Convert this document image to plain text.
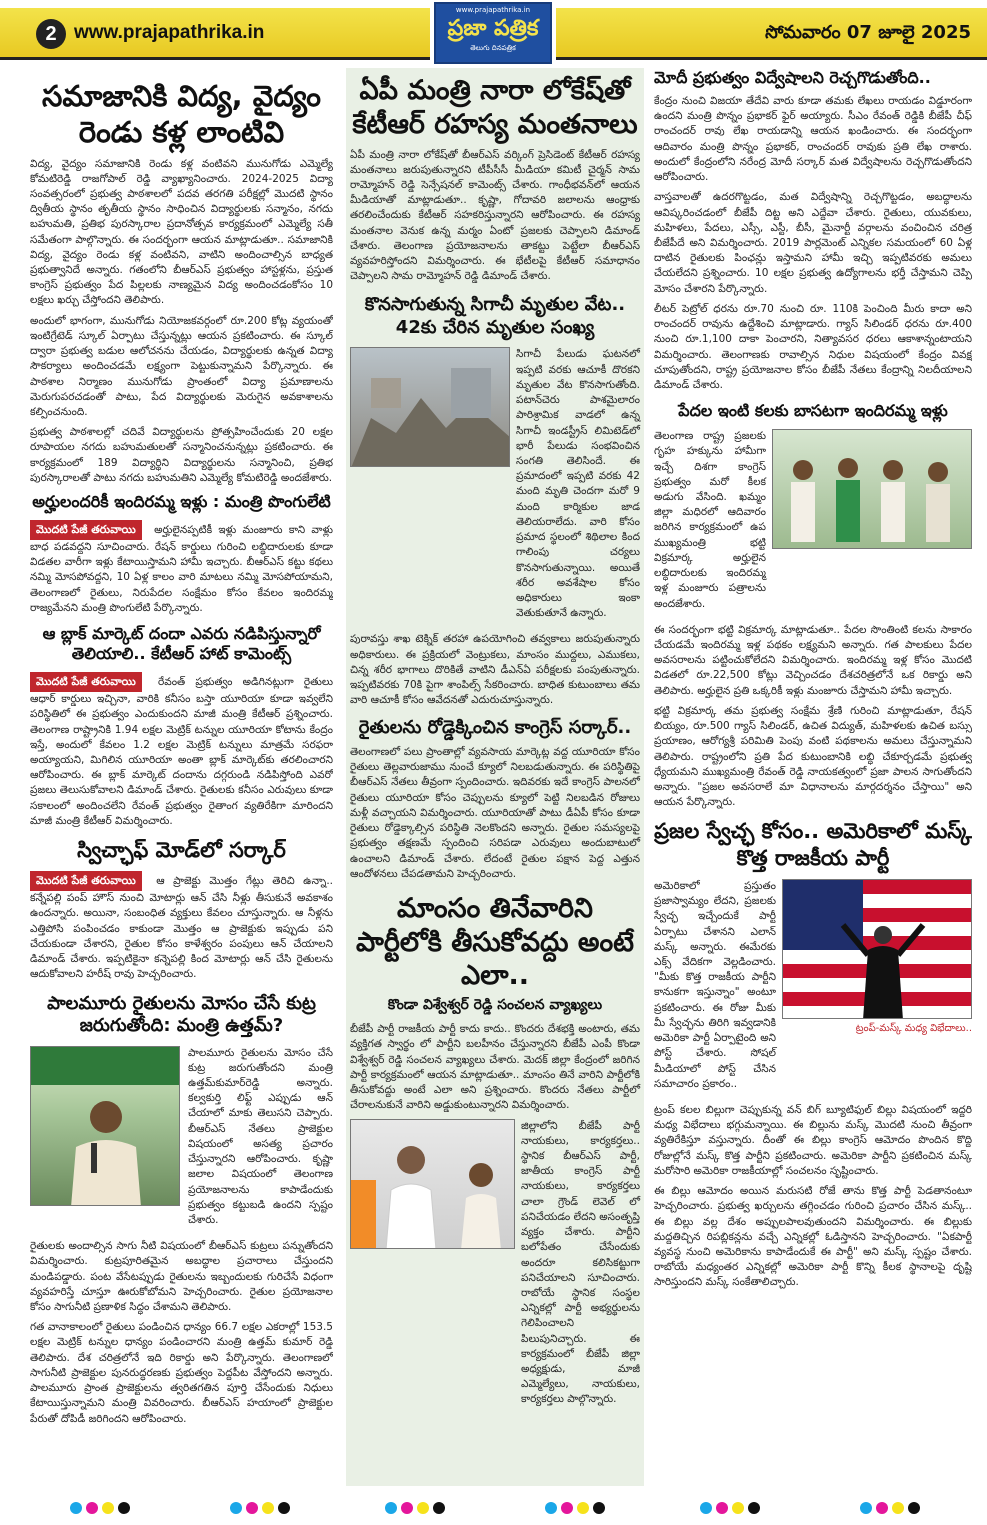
2 www.prajapathrika.in
www.prajapathrika.in
ప్రజా పత్రిక
తెలుగు దినపత్రిక
సోమవారం 07 జూలై 2025
సమాజానికి విద్య, వైద్యం రెండు కళ్ల లాంటివి

విద్య, వైద్యం సమాజానికి రెండు కళ్ల వంటివని మునుగోడు ఎమ్మెల్యే కోమటిరెడ్డి రాజగోపాల్ రెడ్డి వ్యాఖ్యానించారు. 2024-2025 విద్యా సంవత్సరంలో ప్రభుత్వ పాఠశాలలో పదవ తరగతి పరీక్షల్లో మొదటి స్థానం ద్వితీయ స్థానం తృతీయ స్థానం సాధించిన విద్యార్థులకు సన్మానం, నగదు బహుమతి, ప్రతిభ పురస్కారాల ప్రదానోత్సవ కార్యక్రమంలో ఎమ్మెల్యే సతీ సమేతంగా పాల్గొన్నారు. ఈ సందర్భంగా ఆయన మాట్లాడుతూ.. సమాజానికి విద్య, వైద్యం రెండు కళ్ల వంటివని, వాటిని అందించాల్సిన బాధ్యత ప్రభుత్వానిదే అన్నారు. గతంలోని బీఆర్ఎస్ ప్రభుత్వం హాస్టళ్లను, ప్రస్తుత కాంగ్రెస్ ప్రభుత్వం పేద పిల్లలకు నాణ్యమైన విద్య అందించడంకోసం 10 లక్షలు ఖర్చు చేస్తోందని తెలిపారు.

అందులో భాగంగా, మునుగోడు నియోజకవర్గంలో రూ.200 కోట్ల వ్యయంతో ఇంటిగ్రేటెడ్ స్కూల్ ఏర్పాటు చేస్తున్నట్లు ఆయన ప్రకటించారు. ఈ స్కూల్ ద్వారా ప్రభుత్వ బడుల ఆలోచనను చేయడం, విద్యార్థులకు ఉన్నత విద్యా సౌకర్యాలు అందించడమే లక్ష్యంగా పెట్టుకున్నామని పేర్కొన్నారు. ఈ పాఠశాల నిర్మాణం మునుగోడు ప్రాంతంలో విద్యా ప్రమాణాలను మెరుగుపరచడంతో పాటు, పేద విద్యార్థులకు మెరుగైన అవకాశాలను కల్పించనుంది.

ప్రభుత్వ పాఠశాలల్లో చదివే విద్యార్థులను ప్రోత్సహించేందుకు 20 లక్షల రూపాయల నగదు బహుమతులతో సన్మానించనున్నట్లు ప్రకటించారు. ఈ కార్యక్రమంలో 189 విద్యార్థిని విద్యార్థులను సన్మానించి, ప్రతిభ పురస్కారాలతో పాటు నగదు బహుమతిని ఎమ్మెల్యే కోమటిరెడ్డి అందజేశారు.

అర్హులందరికీ ఇందిరమ్మ ఇళ్లు : మంత్రి పొంగులేటి
మొదటి పేజీ తరువాయి అర్హులైనప్పటికీ ఇళ్లు మంజూరు కాని వాళ్లు బాధ పడవద్దని సూచించారు. రేషన్ కార్డులు గురించి లబ్ధిదారులకు కూడా విడతల వారీగా ఇళ్లు కేటాయిస్తామని హామీ ఇచ్చారు. బీఆర్ఎస్ కట్టు కథలు నమ్మి మోసపోవద్దని, 10 ఏళ్ల కాలం వారి మాటలు నమ్మి మోసపోయామని, తెలంగాణలో రైతులు, నిరుపేదల సంక్షేమం కోసం కేవలం ఇందిరమ్మ రాజ్యమేనని మంత్రి పొంగులేటి పేర్కొన్నారు.
ఆ బ్లాక్ మార్కెట్ దందా ఎవరు నడిపిస్తున్నారో తెలియాలి.. కేటీఆర్ హాట్ కామెంట్స్
మొదటి పేజీ తరువాయి రేవంత్ ప్రభుత్వం అడిగినట్లుగా రైతులు ఆధార్ కార్డులు ఇచ్చినా, వారికి కనీసం బస్తా యూరియా కూడా ఇవ్వలేని పరిస్థితిలో ఈ ప్రభుత్వం ఎందుకుందని మాజీ మంత్రి కేటీఆర్ ప్రశ్నించారు. తెలంగాణ రాష్ట్రానికి 1.94 లక్షల మెట్రిక్ టన్నుల యూరియా కోటాను కేంద్రం ఇస్తే, అందులో కేవలం 1.2 లక్షల మెట్రిక్ టన్నులు మాత్రమే సరఫరా అయ్యాయని, మిగిలిన యూరియా అంతా బ్లాక్ మార్కెట్‌కు తరలించారని ఆరోపించారు. ఈ బ్లాక్ మార్కెట్ దందాను దగ్గరుండి నడిపిస్తోంది ఎవరో ప్రజలు తెలుసుకోవాలని డిమాండ్ చేశారు. రైతులకు కనీసం ఎరువులు కూడా సకాలంలో అందించలేని రేవంత్ ప్రభుత్వం రైతాంగ వ్యతిరేకిగా మారిందని మాజీ మంత్రి కేటీఆర్ విమర్శించారు.
స్విచ్ఛాఫ్ మోడ్‌లో సర్కార్
మొదటి పేజీ తరువాయి ఆ ప్రాజెక్టు మొత్తం గేట్లు తెరిచి ఉన్నా.. కన్నేపల్లి పంప్ హౌస్ నుంచి మోటార్లు ఆన్ చేసి నీళ్లు తీసుకునే అవకాశం ఉందన్నారు. అయినా, సంబంధిత వ్యక్తులు కేవలం చూస్తున్నారు. ఆ నీళ్లను ఎత్తిపోసి పంపించడం కాకుండా మొత్తం ఆ ప్రాజెక్టుకు ఇప్పుడు పని చేయకుండా చేశారని, రైతుల కోసం కాళేశ్వరం పంపులు ఆన్ చేయాలని డిమాండ్ చేశారు. ఇప్పటికైనా కన్నెపల్లి కింద మోటార్లు ఆన్ చేసి రైతులను ఆదుకోవాలని హరీష్ రావు హెచ్చరించారు.
పాలమూరు రైతులను మోసం చేసే కుట్ర జరుగుతోంది: మంత్రి ఉత్తమ్?

పాలమూరు రైతులను మోసం చేసే కుట్ర జరుగుతోందని మంత్రి ఉత్తమ్‌కుమార్‌రెడ్డి అన్నారు. కల్వకుర్తి లిఫ్ట్ ఎప్పుడు ఆన్ చేయాలో మాకు తెలుసని చెప్పారు. బీఆర్ఎస్ నేతలు ప్రాజెక్టుల విషయంలో అసత్య ప్రచారం చేస్తున్నారని ఆరోపించారు. కృష్ణా జలాల విషయంలో తెలంగాణ ప్రయోజనాలను కాపాడేందుకు ప్రభుత్వం కట్టుబడి ఉందని స్పష్టం చేశారు.

రైతులకు అందాల్సిన సాగు నీటి విషయంలో బీఆర్ఎస్ కుట్రలు పన్నుతోందని విమర్శించారు. కుట్రపూరితమైన అబద్ధాల ప్రచారాలు చేస్తుందని మండిపడ్డారు. పంట వేసేటప్పుడు రైతులను ఇబ్బందులకు గురిచేసే విధంగా వ్యవహరిస్తే చూస్తూ ఊరుకోబోమని హెచ్చరించారు. రైతుల ప్రయోజనాల కోసం సాగునీటి ప్రణాళిక సిద్ధం చేశామని తెలిపారు.

గత వానాకాలంలో రైతులు పండించిన ధాన్యం 66.7 లక్షల ఎకరాల్లో 153.5 లక్షల మెట్రిక్ టన్నుల ధాన్యం పండించారని మంత్రి ఉత్తమ్ కుమార్ రెడ్డి తెలిపారు. దేశ చరిత్రలోనే ఇది రికార్డు అని పేర్కొన్నారు. తెలంగాణలో సాగునీటి ప్రాజెక్టుల పునరుద్ధరణకు ప్రభుత్వం పెద్దపీట వేస్తోందని అన్నారు. పాలమూరు ప్రాంత ప్రాజెక్టులను త్వరితగతిన పూర్తి చేసేందుకు నిధులు కేటాయిస్తున్నామని మంత్రి వివరించారు. బీఆర్ఎస్ హయాంలో ప్రాజెక్టుల పేరుతో దోపిడీ జరిగిందని ఆరోపించారు.

ఏపీ మంత్రి నారా లోకేష్‌తో కేటీఆర్ రహస్య మంతనాలు

ఏపీ మంత్రి నారా లోకేష్‌తో బీఆర్ఎస్ వర్కింగ్ ప్రెసిడెంట్ కేటీఆర్ రహస్య మంతనాలు జరుపుతున్నారని టీపీసీసీ మీడియా కమిటీ చైర్మన్ సామ రామ్మోహన్ రెడ్డి సెన్సేషనల్ కామెంట్స్ చేశారు. గాంధీభవన్‌లో ఆయన మీడియాతో మాట్లాడుతూ.. కృష్ణా, గోదావరి జలాలను ఆంధ్రాకు తరలించేందుకు కేటీఆర్ సహకరిస్తున్నారని ఆరోపించారు. ఈ రహస్య మంతనాల వెనుక ఉన్న మర్మం ఏంటో ప్రజలకు చెప్పాలని డిమాండ్ చేశారు. తెలంగాణ ప్రయోజనాలను తాకట్టు పెట్టేలా బీఆర్ఎస్ వ్యవహరిస్తోందని విమర్శించారు. ఈ భేటీలపై కేటీఆర్ సమాధానం చెప్పాలని సామ రామ్మోహన్ రెడ్డి డిమాండ్ చేశారు.

కొనసాగుతున్న సిగాచీ మృతుల వేట.. 42కు చేరిన మృతుల సంఖ్య

సిగాచీ పేలుడు ఘటనలో ఇప్పటి వరకు ఆచూకీ దొరకని మృతుల వేట కొనసాగుతోంది. పటాన్‌చెరు పాశమైలారం పారిశ్రామిక వాడలో ఉన్న సిగాచీ ఇండస్ట్రీస్ లిమిటెడ్‌లో భారీ పేలుడు సంభవించిన సంగతి తెలిసిందే. ఈ ప్రమాదంలో ఇప్పటి వరకు 42 మంది మృతి చెందగా మరో 9 మంది కార్మికుల జాడ తెలియరాలేదు. వారి కోసం ప్రమాద స్థలంలో శిథిలాల కింద గాలింపు చర్యలు కొనసాగుతున్నాయి. అయితే శరీర అవశేషాల కోసం అధికారులు ఇంకా వెతుకుతూనే ఉన్నారు.

పురావస్తు శాఖ టెక్నిక్ తరహా ఉపయోగించి తవ్వకాలు జరుపుతున్నారు అధికారులు. ఈ ప్రక్రియలో వెంట్రుకలు, మాంసం ముద్దలు, ఎముకలు, చిన్న శరీర భాగాలు దొరికితే వాటిని డీఎన్ఏ పరీక్షలకు పంపుతున్నారు. ఇప్పటివరకు 70కి పైగా శాంపిల్స్ సేకరించారు. బాధిత కుటుంబాలు తమ వారి ఆచూకీ కోసం ఆవేదనతో ఎదురుచూస్తున్నారు.

రైతులను రోడ్డెక్కించిన కాంగ్రెస్ సర్కార్..

తెలంగాణలో పలు ప్రాంతాల్లో వ్యవసాయ మార్కెట్ల వద్ద యూరియా కోసం రైతులు తెల్లవారుజాము నుంచే క్యూలో నిలబడుతున్నారు. ఈ పరిస్థితిపై బీఆర్ఎస్ నేతలు తీవ్రంగా స్పందించారు. ఇదివరకు ఇదే కాంగ్రెస్ పాలనలో రైతులు యూరియా కోసం చెప్పులను క్యూలో పెట్టి నిలబడిన రోజులు మళ్లీ వచ్చాయని విమర్శించారు. యూరియాతో పాటు డీఏపీ కోసం కూడా రైతులు రోడ్డెక్కాల్సిన పరిస్థితి నెలకొందని అన్నారు. రైతుల సమస్యలపై ప్రభుత్వం తక్షణమే స్పందించి సరిపడా ఎరువులు అందుబాటులో ఉంచాలని డిమాండ్ చేశారు. లేదంటే రైతుల పక్షాన పెద్ద ఎత్తున ఆందోళనలు చేపడతామని హెచ్చరించారు.

మాంసం తినేవారిని పార్టీలోకి తీసుకోవద్దు అంటే ఎలా..
కొండా విశ్వేశ్వర్ రెడ్డి సంచలన వ్యాఖ్యలు

బీజేపీ పార్టీ రాజకీయ పార్టీ కాదు కాదు.. కొందరు దేశభక్తి అంటారు, తమ వ్యక్తిగత స్వార్థం లో పార్టీని బలహీనం చేస్తున్నారని బీజేపీ ఎంపీ కొండా విశ్వేశ్వర్ రెడ్డి సంచలన వ్యాఖ్యలు చేశారు. మెదక్ జిల్లా కేంద్రంలో జరిగిన పార్టీ కార్యక్రమంలో ఆయన మాట్లాడుతూ.. మాంసం తినే వారిని పార్టీలోకి తీసుకోవద్దు అంటే ఎలా అని ప్రశ్నించారు. కొందరు నేతలు పార్టీలో చేరాలనుకునే వారిని అడ్డుకుంటున్నారని విమర్శించారు.

జిల్లాలోని బీజేపీ పార్టీ నాయకులు, కార్యకర్తలు.. స్థానిక బీఆర్ఎస్ పార్టీ, జాతీయ కాంగ్రెస్ పార్టీ నాయకులు, కార్యకర్తలు చాలా గ్రౌండ్ లెవెల్ లో పనిచేయడం లేదని అసంతృప్తి వ్యక్తం చేశారు. పార్టీని బలోపేతం చేసేందుకు అందరూ కలిసికట్టుగా పనిచేయాలని సూచించారు. రాబోయే స్థానిక సంస్థల ఎన్నికల్లో పార్టీ అభ్యర్థులను గెలిపించాలని పిలుపునిచ్చారు. ఈ కార్యక్రమంలో బీజేపీ జిల్లా అధ్యక్షుడు, మాజీ ఎమ్మెల్యేలు, నాయకులు, కార్యకర్తలు పాల్గొన్నారు.

మోదీ ప్రభుత్వం విద్వేషాలని రెచ్చగొడుతోంది..

కేంద్రం నుంచి విజయా తేదేవి వారు కూడా తమకు లేఖలు రాయడం విడ్డూరంగా ఉందని మంత్రి పొన్నం ప్రభాకర్ ఫైర్ అయ్యారు. సీఎం రేవంత్ రెడ్డికి బీజేపీ చీఫ్ రాంచందర్ రావు లేఖ రాయడాన్ని ఆయన ఖండించారు. ఈ సందర్భంగా ఆదివారం మంత్రి పొన్నం ప్రభాకర్, రాంచందర్ రావుకు ప్రతి లేఖ రాశారు. అందులో కేంద్రంలోని నరేంద్ర మోదీ సర్కార్ మత విద్వేషాలను రెచ్చగొడుతోందని ఆరోపించారు.

వాస్తవాలతో ఉదరగొట్టడం, మత విద్వేషాన్ని రెచ్చగొట్టడం, అబద్ధాలను ఆవిష్కరించడంలో బీజేపీ దిట్ట అని ఎద్దేవా చేశారు. రైతులు, యువకులు, మహిళలు, పేదలు, ఎస్సీ, ఎస్టీ, బీసీ, మైనార్టీ వర్గాలను వంచించిన చరిత్ర బీజేపీదే అని విమర్శించారు. 2019 పార్లమెంట్ ఎన్నికల సమయంలో 60 ఏళ్ల దాటిన రైతులకు పింఛన్లు ఇస్తామని హామీ ఇచ్చి ఇప్పటివరకు అమలు చేయలేదని ప్రశ్నించారు. 10 లక్షల ప్రభుత్వ ఉద్యోగాలను భర్తీ చేస్తామని చెప్పి మోసం చేశారని పేర్కొన్నారు.

లీటర్ పెట్రోల్ ధరను రూ.70 నుంచి రూ. 110కి పెంచింది మీరు కాదా అని రాంచందర్ రావును ఉద్దేశించి మాట్లాడారు. గ్యాస్ సిలిండర్ ధరను రూ.400 నుంచి రూ.1,100 దాకా పెంచారని, నిత్యావసర ధరలు ఆకాశాన్నంటాయని విమర్శించారు. తెలంగాణకు రావాల్సిన నిధుల విషయంలో కేంద్రం వివక్ష చూపుతోందని, రాష్ట్ర ప్రయోజనాల కోసం బీజేపీ నేతలు కేంద్రాన్ని నిలదీయాలని డిమాండ్ చేశారు.

పేదల ఇంటి కలకు బాసటగా ఇందిరమ్మ ఇళ్లు

తెలంగాణ రాష్ట్ర ప్రజలకు గృహ హక్కును హామీగా ఇచ్చే దిశగా కాంగ్రెస్ ప్రభుత్వం మరో కీలక అడుగు వేసింది. ఖమ్మం జిల్లా మధిరలో ఆదివారం జరిగిన కార్యక్రమంలో ఉప ముఖ్యమంత్రి భట్టి విక్రమార్క అర్హులైన లబ్ధిదారులకు ఇందిరమ్మ ఇళ్ల మంజూరు పత్రాలను అందజేశారు.

ఈ సందర్భంగా భట్టి విక్రమార్క మాట్లాడుతూ.. పేదల సొంతింటి కలను సాకారం చేయడమే ఇందిరమ్మ ఇళ్ల పథకం లక్ష్యమని అన్నారు. గత పాలకులు పేదల అవసరాలను పట్టించుకోలేదని విమర్శించారు. ఇందిరమ్మ ఇళ్ల కోసం మొదటి విడతలో రూ.22,500 కోట్లు వెచ్చించడం దేశచరిత్రలోనే ఒక రికార్డు అని తెలిపారు. అర్హులైన ప్రతి ఒక్కరికీ ఇళ్లు మంజూరు చేస్తామని హామీ ఇచ్చారు.

భట్టి విక్రమార్క తమ ప్రభుత్వ సంక్షేమ శ్రేణి గురించి మాట్లాడుతూ, రేషన్ బియ్యం, రూ.500 గ్యాస్ సిలిండర్, ఉచిత విద్యుత్, మహిళలకు ఉచిత బస్సు ప్రయాణం, ఆరోగ్యశ్రీ పరిమితి పెంపు వంటి పథకాలను అమలు చేస్తున్నామని తెలిపారు. రాష్ట్రంలోని ప్రతి పేద కుటుంబానికి లబ్ధి చేకూర్చడమే ప్రభుత్వ ధ్యేయమని ముఖ్యమంత్రి రేవంత్ రెడ్డి నాయకత్వంలో ప్రజా పాలన సాగుతోందని అన్నారు. "ప్రజల అవసరాలే మా విధానాలను మార్గదర్శనం చేస్తాయి" అని ఆయన పేర్కొన్నారు.

ప్రజల స్వేచ్ఛ కోసం.. అమెరికాలో మస్క్ కొత్త రాజకీయ పార్టీ

అమెరికాలో ప్రస్తుతం ప్రజాస్వామ్యం లేదని, ప్రజలకు స్వేచ్ఛ ఇచ్చేందుకే పార్టీ ఏర్పాటు చేశానని ఎలాన్ మస్క్ అన్నారు. ఈమేరకు ఎక్స్ వేదికగా వెల్లడించారు. "మీకు కొత్త రాజకీయ పార్టీని కానుకగా ఇస్తున్నాం" అంటూ ప్రకటించారు. ఈ రోజు మీకు మీ స్వేచ్ఛను తిరిగి ఇవ్వడానికి అమెరికా పార్టీ ఏర్పాటైంది అని పోస్ట్ చేశారు. సోషల్ మీడియాలో పోస్ట్ చేసిన సమాచారం ప్రకారం..

ట్రంప్-మస్క్ మధ్య విభేదాలు..

ట్రంప్ కలల బిల్లుగా చెప్పుకున్న వన్ బిగ్ బ్యూటిఫుల్ బిల్లు విషయంలో ఇద్దరి మధ్య విభేదాలు భగ్గుమన్నాయి. ఈ బిల్లును మస్క్ మొదటి నుంచి తీవ్రంగా వ్యతిరేకిస్తూ వస్తున్నారు. దీంతో ఈ బిల్లు కాంగ్రెస్ ఆమోదం పొందిన కొద్ది రోజుల్లోనే మస్క్ కొత్త పార్టీని ప్రకటించారు. అమెరికా పార్టీని ప్రకటించిన మస్క్ మరోసారి అమెరికా రాజకీయాల్లో సంచలనం సృష్టించారు.

ఈ బిల్లు ఆమోదం అయిన మరుసటి రోజే తాను కొత్త పార్టీ పెడతానంటూ హెచ్చరించారు. ప్రభుత్వ ఖర్చులను తగ్గించడం గురించి ప్రచారం చేసిన మస్క్.. ఈ బిల్లు వల్ల దేశం అప్పులపాలవుతుందని విమర్శించారు. ఈ బిల్లుకు మద్దతిచ్చిన రిపబ్లికన్లను వచ్చే ఎన్నికల్లో ఓడిస్తానని హెచ్చరించారు. "ఏకపార్టీ వ్యవస్థ నుంచి అమెరికాను కాపాడేందుకే ఈ పార్టీ" అని మస్క్ స్పష్టం చేశారు. రాబోయే మధ్యంతర ఎన్నికల్లో అమెరికా పార్టీ కొన్ని కీలక స్థానాలపై దృష్టి సారిస్తుందని మస్క్ సంకేతాలిచ్చారు.
